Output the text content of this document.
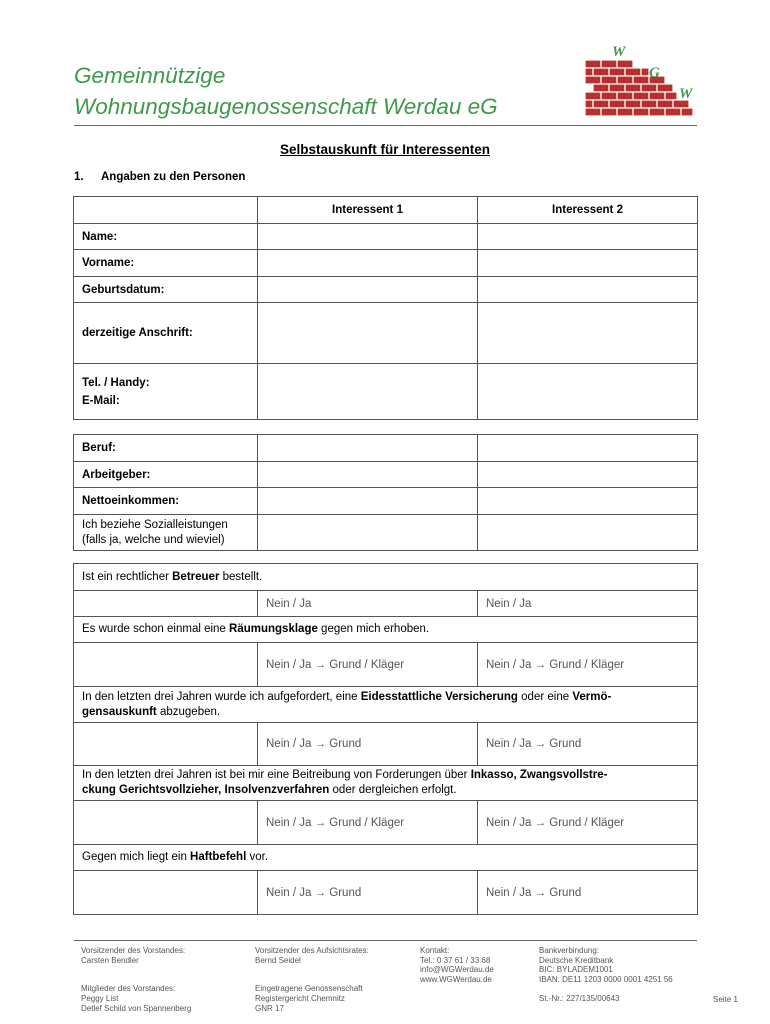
Gemeinnützige
Wohnungsbaugenossenschaft Werdau eG
W
G
W
Selbstauskunft für Interessenten
1. Angaben zu den Personen
	Interessent 1	Interessent 2
Name:		
Vorname:		
Geburtsdatum:		
derzeitige Anschrift:		

Tel. / Handy:
E-Mail:		

Beruf:		
Arbeitgeber:		
Nettoeinkommen:		

Ich beziehe Sozialleistungen
(falls ja, welche und wieviel)		

Ist ein rechtlicher Betreuer bestellt.		
	Nein / Ja	Nein / Ja
Es wurde schon einmal eine Räumungsklage gegen mich erhoben.		
	Nein / Ja → Grund / Kläger	Nein / Ja → Grund / Kläger

In den letzten drei Jahren wurde ich aufgefordert, eine Eidesstattliche Versicherung oder eine Vermö-
gensauskunft abzugeben.		

	Nein / Ja → Grund	Nein / Ja → Grund

In den letzten drei Jahren ist bei mir eine Beitreibung von Forderungen über Inkasso, Zwangsvollstre-
ckung Gerichtsvollzieher, Insolvenzverfahren oder dergleichen erfolgt.		

	Nein / Ja → Grund / Kläger	Nein / Ja → Grund / Kläger
Gegen mich liegt ein Haftbefehl vor.		
	Nein / Ja → Grund	Nein / Ja → Grund
Vorsitzender des Vorstandes:
Carsten Bendler
Mitglieder des Vorstandes:
Peggy List
Detlef Schild von Spannenberg
Vorsitzender des Aufsichtsrates:
Bernd Seidel
Eingetragene Genossenschaft
Registergericht Chemnitz
GNR 17
Kontakt:
Tel.: 0 37 61 / 33 68
info@WGWerdau.de
www.WGWerdau.de
Bankverbindung:
Deutsche Kreditbank
BIC: BYLADEM1001
IBAN: DE11 1203 0000 0001 4251 56
St.-Nr.: 227/135/00643	Seite 1
